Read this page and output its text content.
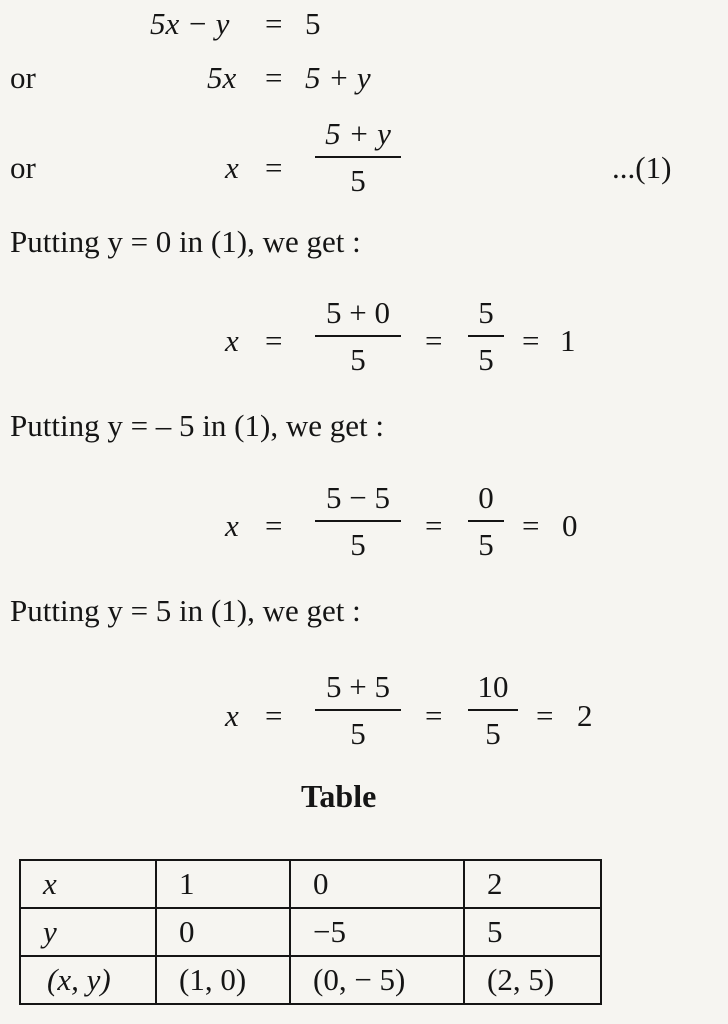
5x − y = 5
or	5x = 5 + y
or	x =
5 + y
5	...(1)
Putting y = 0 in (1), we get :
x =
5 + 0
5
=
5
5
= 1
Putting y = – 5 in (1), we get :
x =
5 − 5
5
=
0
5
= 0
Putting y = 5 in (1), we get :
x =
5 + 5
5
=
10
5
= 2
Table
x	1	0	2
y	0	−5	5
(x, y)	(1, 0)	(0, − 5)	(2, 5)
